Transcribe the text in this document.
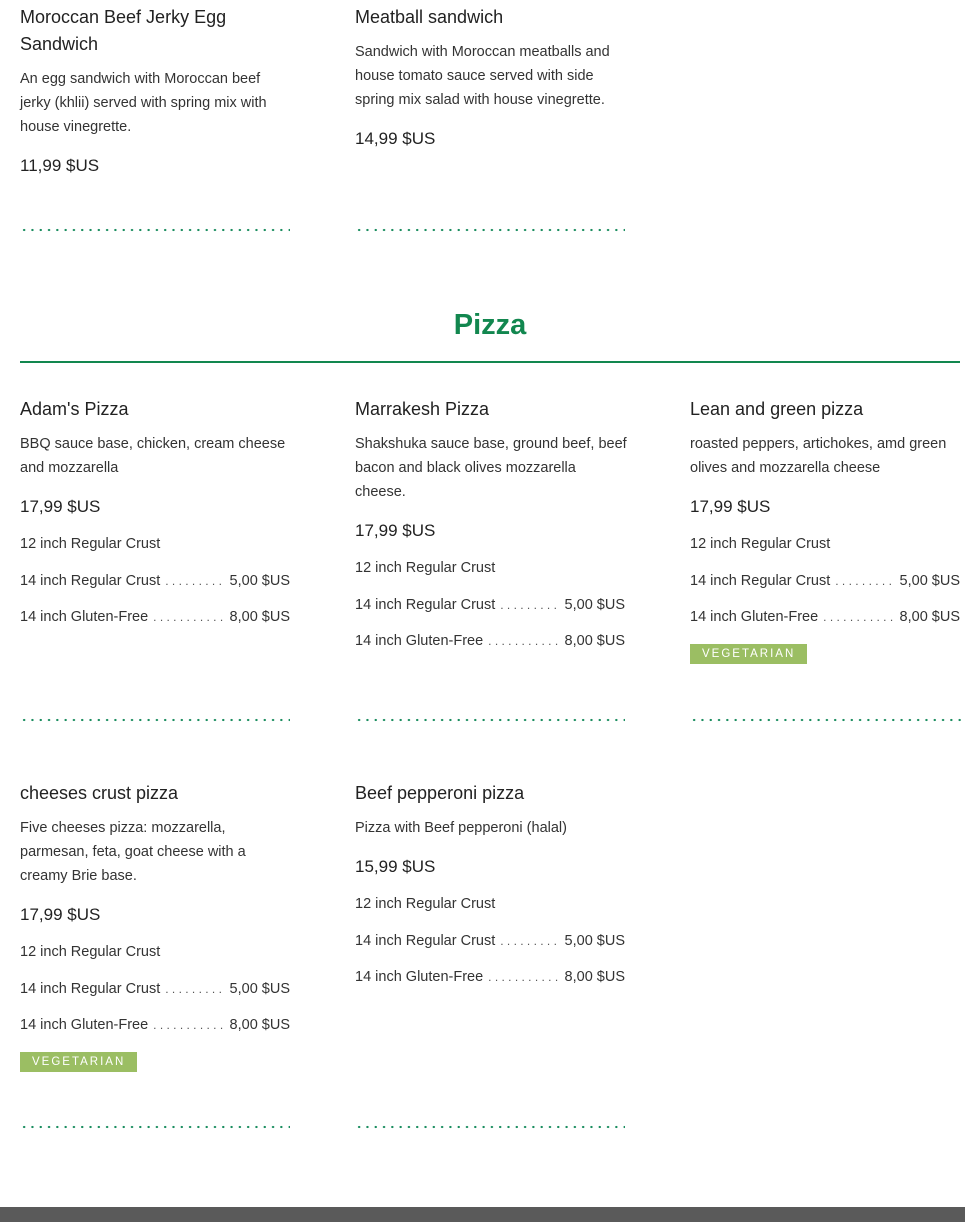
Moroccan Beef Jerky Egg Sandwich
An egg sandwich with Moroccan beef jerky (khlii) served with spring mix with house vinegrette.
11,99 $US
Meatball sandwich
Sandwich with Moroccan meatballs and house tomato sauce served with side spring mix salad with house vinegrette.
14,99 $US
Pizza
Adam's Pizza
BBQ sauce base, chicken, cream cheese and mozzarella
17,99 $US
12 inch Regular Crust
14 inch Regular Crust . . .	5,00 $US
14 inch Gluten-Free . . .	8,00 $US
Marrakesh Pizza
Shakshuka sauce base, ground beef, beef bacon and black olives mozzarella cheese.
17,99 $US
12 inch Regular Crust
14 inch Regular Crust . . .	5,00 $US
14 inch Gluten-Free . . .	8,00 $US
Lean and green pizza
roasted peppers, artichokes, amd green olives and mozzarella cheese
17,99 $US
12 inch Regular Crust
14 inch Regular Crust . . .	5,00 $US
14 inch Gluten-Free . . .	8,00 $US
VEGETARIAN
cheeses crust pizza
Five cheeses pizza: mozzarella, parmesan, feta, goat cheese with a creamy Brie base.
17,99 $US
12 inch Regular Crust
14 inch Regular Crust . . .	5,00 $US
14 inch Gluten-Free . . .	8,00 $US
VEGETARIAN
Beef pepperoni pizza
Pizza with Beef pepperoni (halal)
15,99 $US
12 inch Regular Crust
14 inch Regular Crust . . .	5,00 $US
14 inch Gluten-Free . . .	8,00 $US
